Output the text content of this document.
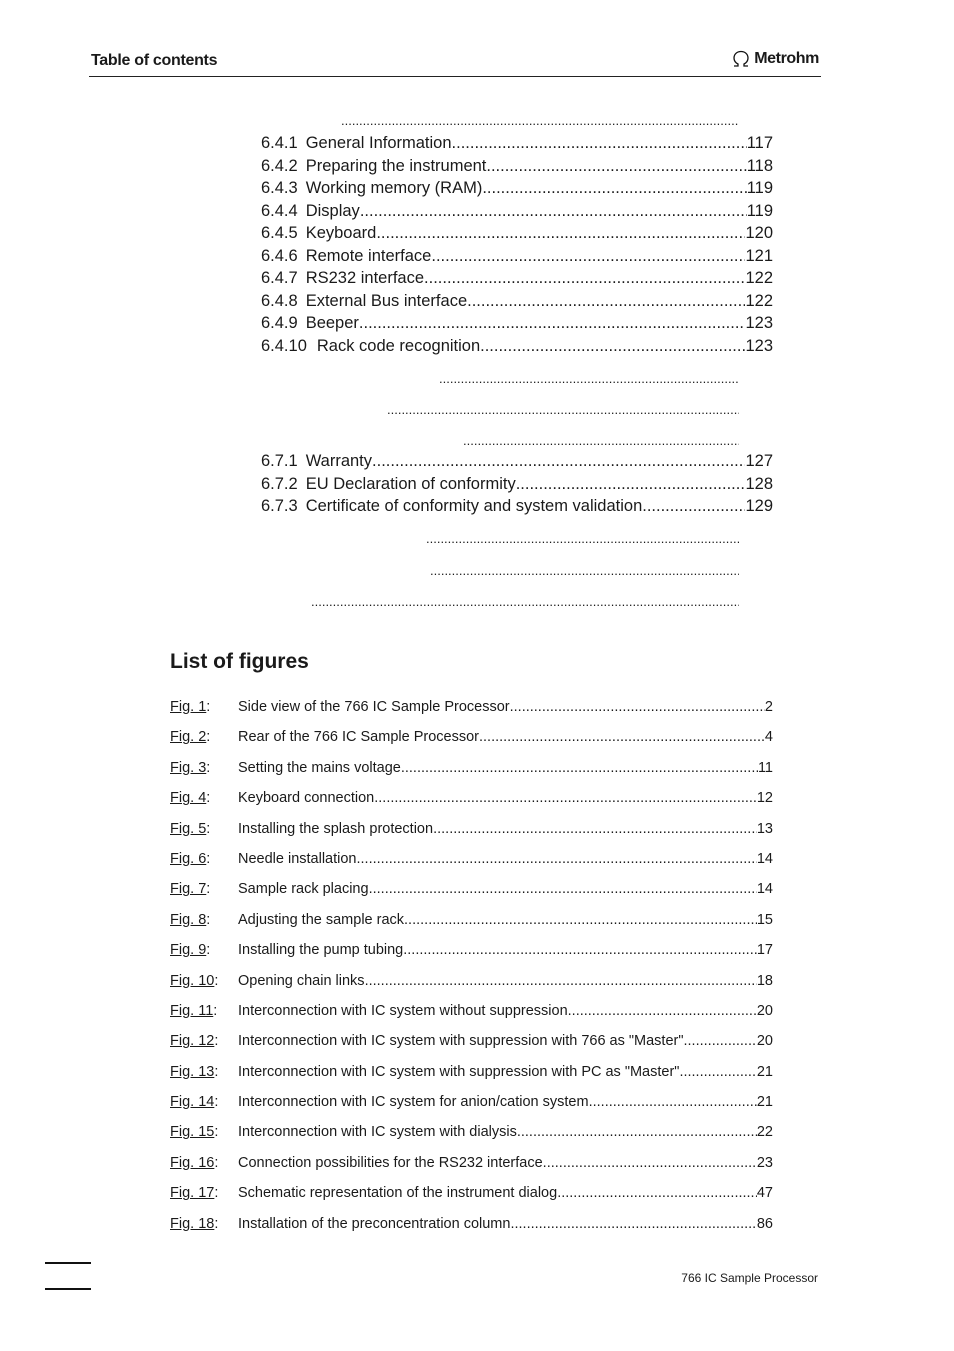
Table of contents	Metrohm
.....
6.4.1 General Information .....	117
6.4.2 Preparing the instrument .....	118
6.4.3 Working memory (RAM) .....	119
6.4.4 Display .....	119
6.4.5 Keyboard .....	120
6.4.6 Remote interface .....	121
6.4.7 RS232 interface .....	122
6.4.8 External Bus interface .....	122
6.4.9 Beeper .....	123
6.4.10 Rack code recognition .....	123
.....
.....
.....
6.7.1 Warranty .....	127
6.7.2 EU Declaration of conformity .....	128
6.7.3 Certificate of conformity and system validation .....	129
.....
.....
.....
List of figures
Fig. 1: Side view of the 766 IC Sample Processor .....	2
Fig. 2: Rear of the 766 IC Sample Processor .....	4
Fig. 3: Setting the mains voltage .....	11
Fig. 4: Keyboard connection .....	12
Fig. 5: Installing the splash protection .....	13
Fig. 6: Needle installation .....	14
Fig. 7: Sample rack placing .....	14
Fig. 8: Adjusting the sample rack .....	15
Fig. 9: Installing the pump tubing .....	17
Fig. 10: Opening chain links .....	18
Fig. 11: Interconnection with IC system without suppression .....	20
Fig. 12: Interconnection with IC system with suppression with 766 as "Master" .....	20
Fig. 13: Interconnection with IC system with suppression with PC as "Master" .....	21
Fig. 14: Interconnection with IC system for anion/cation system .....	21
Fig. 15: Interconnection with IC system with dialysis .....	22
Fig. 16: Connection possibilities for the RS232 interface .....	23
Fig. 17: Schematic representation of the instrument dialog .....	47
Fig. 18: Installation of the preconcentration column .....	86
766 IC Sample Processor
